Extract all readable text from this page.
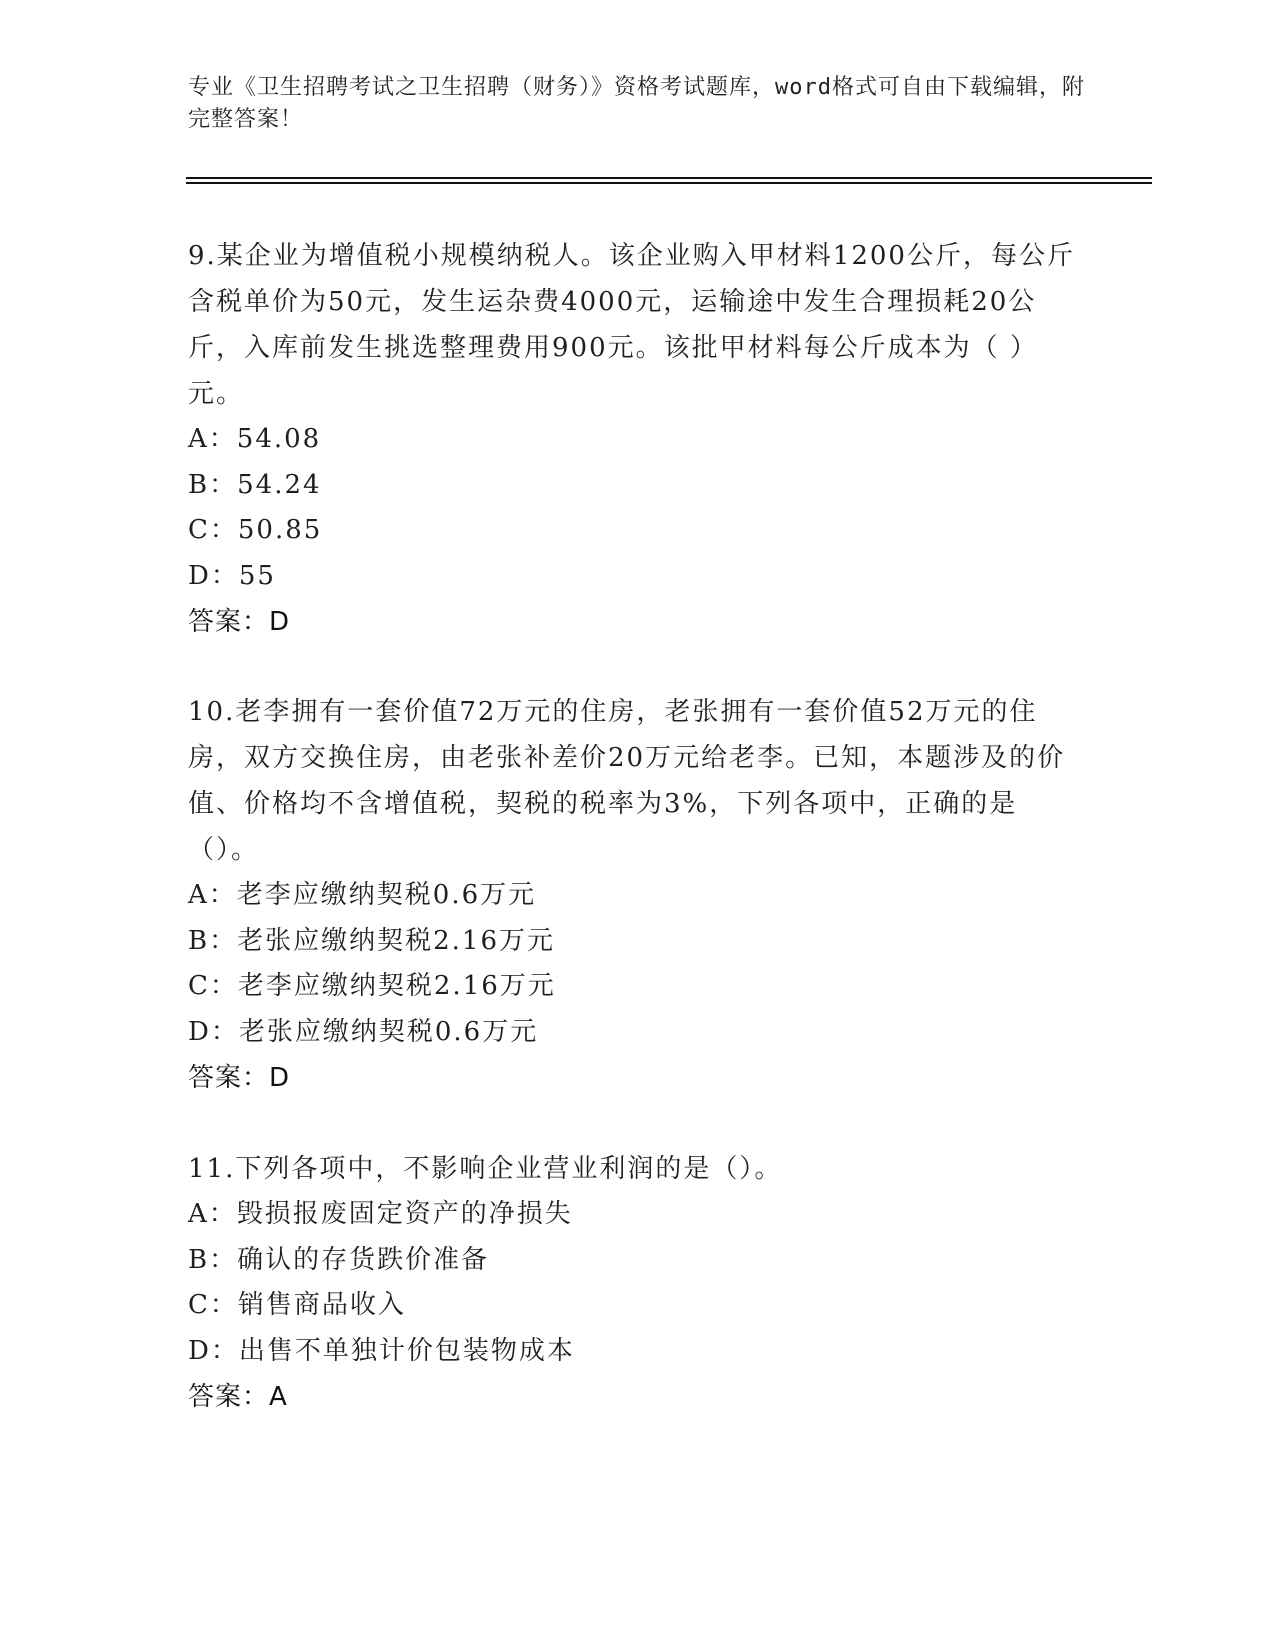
专业《卫生招聘考试之卫生招聘（财务）》资格考试题库，word格式可自由下载编辑，附完整答案！

9.某企业为增值税小规模纳税人。该企业购入甲材料1200公斤，每公斤含税单价为50元，发生运杂费4000元，运输途中发生合理损耗20公斤，入库前发生挑选整理费用900元。该批甲材料每公斤成本为（ ）元。

A：54.08

B：54.24

C：50.85

D：55

答案：D

10.老李拥有一套价值72万元的住房，老张拥有一套价值52万元的住房，双方交换住房，由老张补差价20万元给老李。已知，本题涉及的价值、价格均不含增值税，契税的税率为3%，下列各项中，正确的是（）。

A：老李应缴纳契税0.6万元

B：老张应缴纳契税2.16万元

C：老李应缴纳契税2.16万元

D：老张应缴纳契税0.6万元

答案：D

11.下列各项中，不影响企业营业利润的是（）。

A：毁损报废固定资产的净损失

B：确认的存货跌价准备

C：销售商品收入

D：出售不单独计价包装物成本

答案：A
